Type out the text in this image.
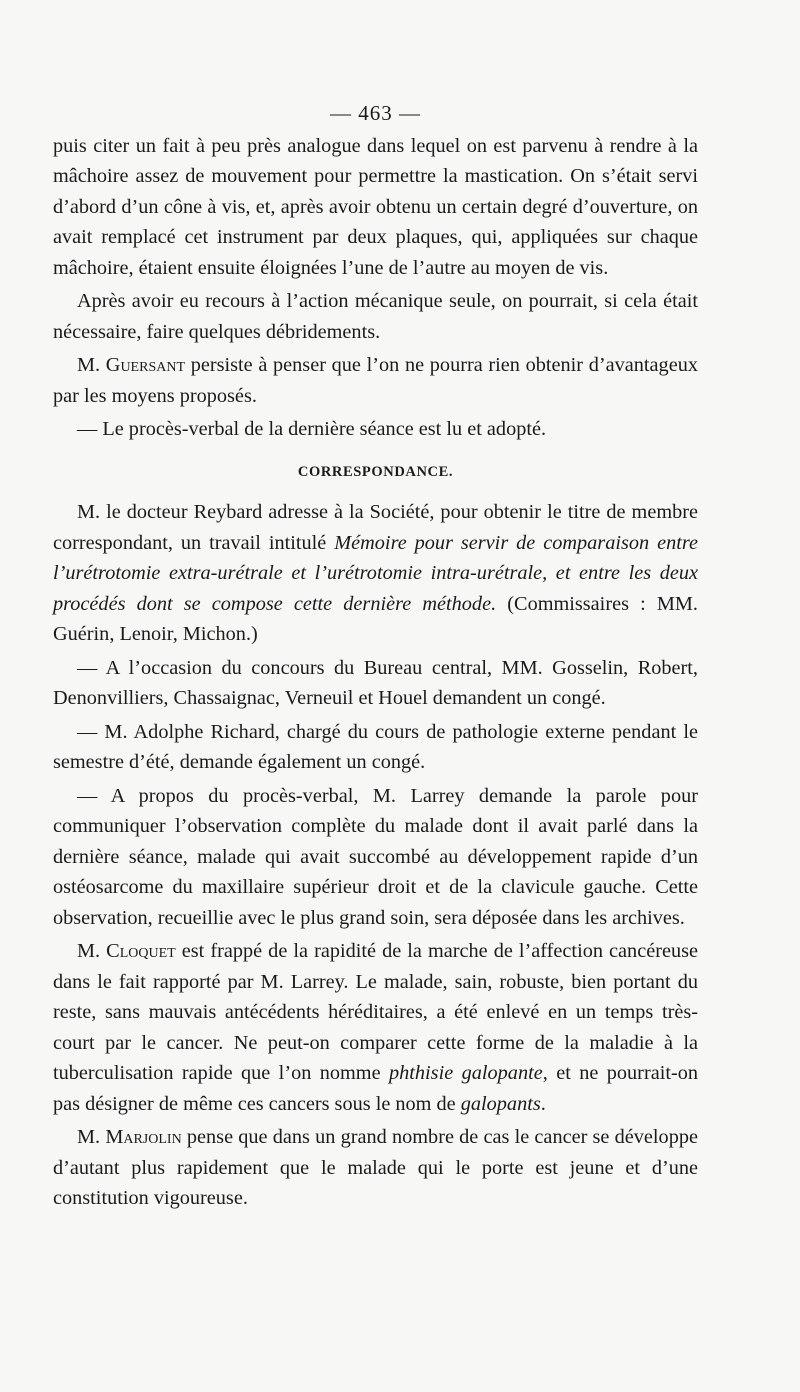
— 463 —

puis citer un fait à peu près analogue dans lequel on est parvenu à rendre à la mâchoire assez de mouvement pour permettre la mastication. On s’était servi d’abord d’un cône à vis, et, après avoir obtenu un certain degré d’ouverture, on avait remplacé cet instrument par deux plaques, qui, appliquées sur chaque mâchoire, étaient ensuite éloignées l’une de l’autre au moyen de vis.

Après avoir eu recours à l’action mécanique seule, on pourrait, si cela était nécessaire, faire quelques débridements.

M. Guersant persiste à penser que l’on ne pourra rien obtenir d’avantageux par les moyens proposés.

— Le procès-verbal de la dernière séance est lu et adopté.

CORRESPONDANCE.

M. le docteur Reybard adresse à la Société, pour obtenir le titre de membre correspondant, un travail intitulé Mémoire pour servir de comparaison entre l’urétrotomie extra-urétrale et l’urétrotomie intra-urétrale, et entre les deux procédés dont se compose cette dernière méthode. (Commissaires : MM. Guérin, Lenoir, Michon.)

— A l’occasion du concours du Bureau central, MM. Gosselin, Robert, Denonvilliers, Chassaignac, Verneuil et Houel demandent un congé.

— M. Adolphe Richard, chargé du cours de pathologie externe pendant le semestre d’été, demande également un congé.

— A propos du procès-verbal, M. Larrey demande la parole pour communiquer l’observation complète du malade dont il avait parlé dans la dernière séance, malade qui avait succombé au développement rapide d’un ostéosarcome du maxillaire supérieur droit et de la clavicule gauche. Cette observation, recueillie avec le plus grand soin, sera déposée dans les archives.

M. Cloquet est frappé de la rapidité de la marche de l’affection cancéreuse dans le fait rapporté par M. Larrey. Le malade, sain, robuste, bien portant du reste, sans mauvais antécédents héréditaires, a été enlevé en un temps très-court par le cancer. Ne peut-on comparer cette forme de la maladie à la tuberculisation rapide que l’on nomme phthisie galopante, et ne pourrait-on pas désigner de même ces cancers sous le nom de galopants.

M. Marjolin pense que dans un grand nombre de cas le cancer se développe d’autant plus rapidement que le malade qui le porte est jeune et d’une constitution vigoureuse.
